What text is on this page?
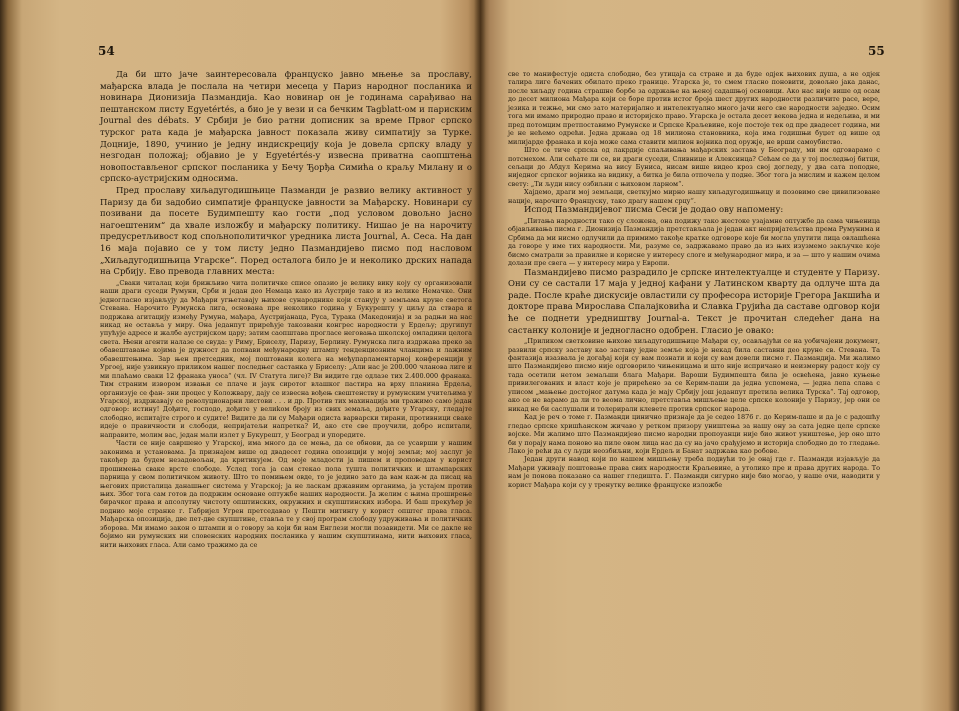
54

Да би што јаче заинтересовала француско јавно мњење за прославу, мађарска влада је послала на четири месеца у Париз народног посланика и новинара Дионизија Пазмандија. Као новинар он је годинама сарађивао на пештанском листу Egyetértés, а био је у вези и са бечким Tagblatt-ом и париским Journal des débats. У Србији је био ратни дописник за време Првог српско турског рата када је мађарска јавност показала живу симпатију за Турке. Доцније, 1890, учинио је једну индискрецију која је довела српску владу у незгодан положај; објавио је у Egyetértés-у извесна приватна саопштења новопостављеног српског посланика у Бечу Ђорђа Симића о краљу Милану и о српско-аустријским односима.

Пред прославу хиљадугодишњице Пазманди је развио велику активност у Паризу да би задобио симпатије француске јавности за Мађарску. Новинари су позивани да посете Будимпешту као гости „под условом довољно јасно нагоештеним“ да хвале изложбу и мађарску политику. Нишао је на нарочиту предусретљивост код спољнополитичког уредника листа Journal, А. Сеса. На дан 16 маја појавио се у том листу једно Пазмандијево писмо под насловом „Хиљадугодишњица Угарске“. Поред осталога било је и неколико дрских напада на Србију. Ево превода главних места:

„Сваки читалац који брижљиво чита политичке списе опазио је велику вику коју су организовали наши драги суседи Румуни, Срби и један део Немаца како из Аустрије тако и из велике Немачке. Они једногласно изјављују да Мађари угњетавају њихове сународнике који станују у земљама круне светога Стевана. Нарочито Румунска лига, основана пре неколико година у Букурешту у циљу да ствара и подржава агитацију између Румуна, мађара, Аустријанаца, Руса, Турака (Македонија) и за радњи на нас никад не оставља у миру. Она једанпут прирећује такозвани конгрес народности у Ердељу; другипут упућује адресе и жалбе аустријском цару; затим саопштава прогласе неговања школској омладини целога света. Њени агенти налазе се свуда: у Риму, Бриселу, Паризу, Берлину. Румунска лига издржава преко за обавештавање којима је дужност да попвави међународну штампу тенденциозним чланцима и лажним обавештењима. Зар њен претседник, мој поштовани колега на међупарламентарној конференцији у Ургоеј, није узвикнуо приликом нашег последњег састанка у Бриселу: „Али нас је 200.000 чланова лиге и ми плаћамо сваки 12 франака уноса“ (чл. IV Статута лиге)? Ви видите где одлазе тих 2.400.000 франака. Тим страним извором извањи се плаче и јаук сиротог влашког пастира на врху планина Ердеља, организује се фан- зни процес у Коложвару, дају се извесна вођењ свештенству и румунским учитељима у Угарској, издржавају се револуционарни листови . . . и др. Против тих махинација ми тражимо само један одговор: истину! Дођите, господо, дођите у велиkом броју из свих земаља, дођите у Угарску, гледајте слободно, испитајте строго и судите! Видите да ли су Мађари одиста варварски тирани, противници сваке идеје о правичности и слободи, непријатељи напретка? И, ако сте све проучили, добро испитали, направите, молим вас, један мали излет у Букурешт, у Београд и упоредите.

Части се није савршено у Угарској, има много да се мења, да се обнови, да се усаврши у нашим законима и установама. Ја признајем више од двадесет година опозицији у мојој земљи; мој заслуг је такођер да будем незадовољан, да критикујем. Од моје младости ја пишем и проповедам у корист прошимења сваке врсте слободе. Услед тога ја сам стекао пола тушта политичких и штампарских парница у свом политичком животу. Што то помињем овде, то је једино зато да вам каж-м да писац на његових присталица данашњег система у Угарској; ја не ласкам државним органима, ја устајем против њих. Због тога сам готов да подржим основане оптужбе наших народности. Ја желим с њима проширење бирачког права и апсолутну чистоту општинских, окружних и скупштинских избора. И баш прекућер је поднио моје странке г. Габријел Угрен претседавао у Пешти митингу у корист општег права гласа. Мађарска опозиција, две пет-две скупштине, ставља те у свој програм слободу удруживања и политичких зборова. Ми имамо закон о штампи и о говору за који би нам Енглези могли позавидети. Ми се дакле не бојимо ни румунских ни словенских народних посланика у нашим скупштинама, нити њихових гласа, нити њихових гласа. Али само тражимо да се

55

све то манифестује одиста слободно, без утицаја са стране и да буде одјек њихових душа, а не одјек талира лиге бачених обилато преко границе. Угарска је, то смем гласно поновити, довољно јака данас, после хиљаду година страшне борбе за одржање на њеној садашњој основици. Ако нас није више од осам до десет милиона Мађара који се боре против истог броја шест других народности различите расе, вере, језика и тежње, ми смо зато материјално и интелектуално много јачи него све народности заједно. Осим тога ми имамо природно право и историјско право. Угарска је остала десет векова једна и недељива, и ми пред потомцим претпоставимо Румунске и Српске Краљевине, које постоје тек од пре двадесет година, ми је не нећемо одрећи. Једна држава од 18 милиона становника, која има годишњи буџет од више од милијарде франака и која може сама ставити милион војника под оружје, не врши самоубиство.

Што се тиче српска од лакрдије спаљивања мађарских застава у Београду, ми им одговарамо с потсмехом. Али сећате ли се, ви драги суседи, Сливнице и Алексинца? Сећам се да у тој последњој битци, сељаци до Абдул Керима на вису Буниса, нисам више видео кроз свој догледу, у два сата поподне, ниједног српског војника на видику, а битка је била отпочела у подне. Због тога ја мислим и кажем целом свету: „Ти људи нису озбиљни с њиховом ларном“.

Хајдемо, драги мој земљаци, светкујмо мирно нашу хиљадугодишњицу и позовимо све цивилизоване нације, нарочито Француску, тако драгу нашем срцу“.

Испод Пазмандијевог писма Сеси је додао ову напомену:

„Питања народности тако су сложена, она подижу тако жестоке узајамне оптужбе да сама чињеница објављивања писма г. Дионизија Пазмандија претстављала је један акт непријатељства према Румунима и Србима да ми нисмо одлучили да примимо такође кратке одговоре које би могла упутити лица овлашћена да говоре у име тих народности. Ми, разуме се, задржавамо право да из њих изузмемо закључке које бисмо сматрали за правилне и корисне у интересу слоге и међународног мира, и за — што у нашим очима долази пре свега — у интересу мира у Европи.

Пазмандијево писмо разрадило је српске интелектуалце и студенте у Паризу. Они су се састали 17 маја у једној кафани у Латинском кварту да одлуче шта да раде. После краће дискусије овластили су професора историје Грегора Јакшића и докторе права Мирослава Спалајковића и Славка Грујића да саставе одговор који ће се поднети уредништву Journal-а. Текст је прочитан следећег дана на састанку колоније и једногласно одобрен. Гласио је овако:

„Приликом светковине њихове хиљадугодишњице Мађари су, осављајући се на уобичајени документ, развили српску заставу као заставу једне земље која је некад била саставни део круне св. Стевана. Та фантазија изазвала је догађај који су вам познати и који су вам довели писмо г. Пазмандија. Ми жалимо што Пазмандијево писмо није одговорило чињеницама и што није испричано и неизмерну радост коју су тада осетили нетом земаљши блага Мађари. Вароши Будимпешта била је освећена, јавно куњење привилегованих и власт које је прирећено за се Керим-паши да једна успомена, — једна лепа слава с уписом „мањење достојног датума када је мају Србију још једанпут претила велика Турска“. Тај одговор, ако се не варамо да ли то веома лично, претставља мишљење целе српске колоније у Паризу, јер они се никад не би саслушали и толерирали клевете против српског народа.

Кад је реч о томе г. Пазманди цинично признаје да је седео 1876 г. до Керим-паше и да је с радошћу гледао српске хришћанском жичаво у ретком призору уништења за нашу ону за сата једне целе српске војске. Ми жалимо што Пазмандијево писмо народни пропоуанци није био живот уништење, јер оно што би у порају нама поново на пиле овом лица нас да су на јачо срађујемо и историја слободно до то гледање. Лако је рећи да су људи неозбиљни, који Ердељ и Банат задржава као робове.

Један други навод који по нашем мишљењу треба подвући то је онај где г. Пазманди изјављује да Мађари уживају поштовање права свих народности Краљевине, а утолико пре и права других народа. То нам је понова показано са нашег гледишта. Г. Пазманди сигурно није био могао, у наше очи, наводити у корист Мађара који су у тренутку велике француске изложбе
